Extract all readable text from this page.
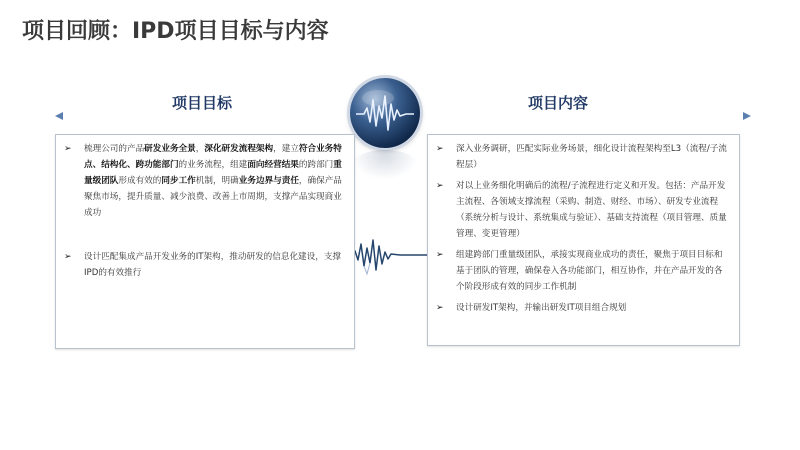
项目回顾：IPD项目目标与内容
项目目标	项目内容
➢	梳理公司的产品研发业务全景，深化研发流程架构，建立符合业务特点、结构化、跨功能部门的业务流程，组建面向经营结果的跨部门重量级团队形成有效的同步工作机制，明确业务边界与责任，确保产品聚焦市场，提升质量、减少浪费、改善上市周期，支撑产品实现商业成功
➢	设计匹配集成产品开发业务的IT架构，推动研发的信息化建设，支撑IPD的有效推行
➢	深入业务调研，匹配实际业务场景，细化设计流程架构至L3（流程/子流程层）
➢	对以上业务细化明确后的流程/子流程进行定义和开发。包括：产品开发主流程、各领域支撑流程（采购、制造、财经、市场）、研发专业流程（系统分析与设计、系统集成与验证）、基础支持流程（项目管理、质量管理、变更管理）
➢	组建跨部门重量级团队，承接实现商业成功的责任，聚焦于项目目标和基于团队的管理，确保卷入各功能部门，相互协作，并在产品开发的各个阶段形成有效的同步工作机制
➢	设计研发IT架构，并输出研发IT项目组合规划
